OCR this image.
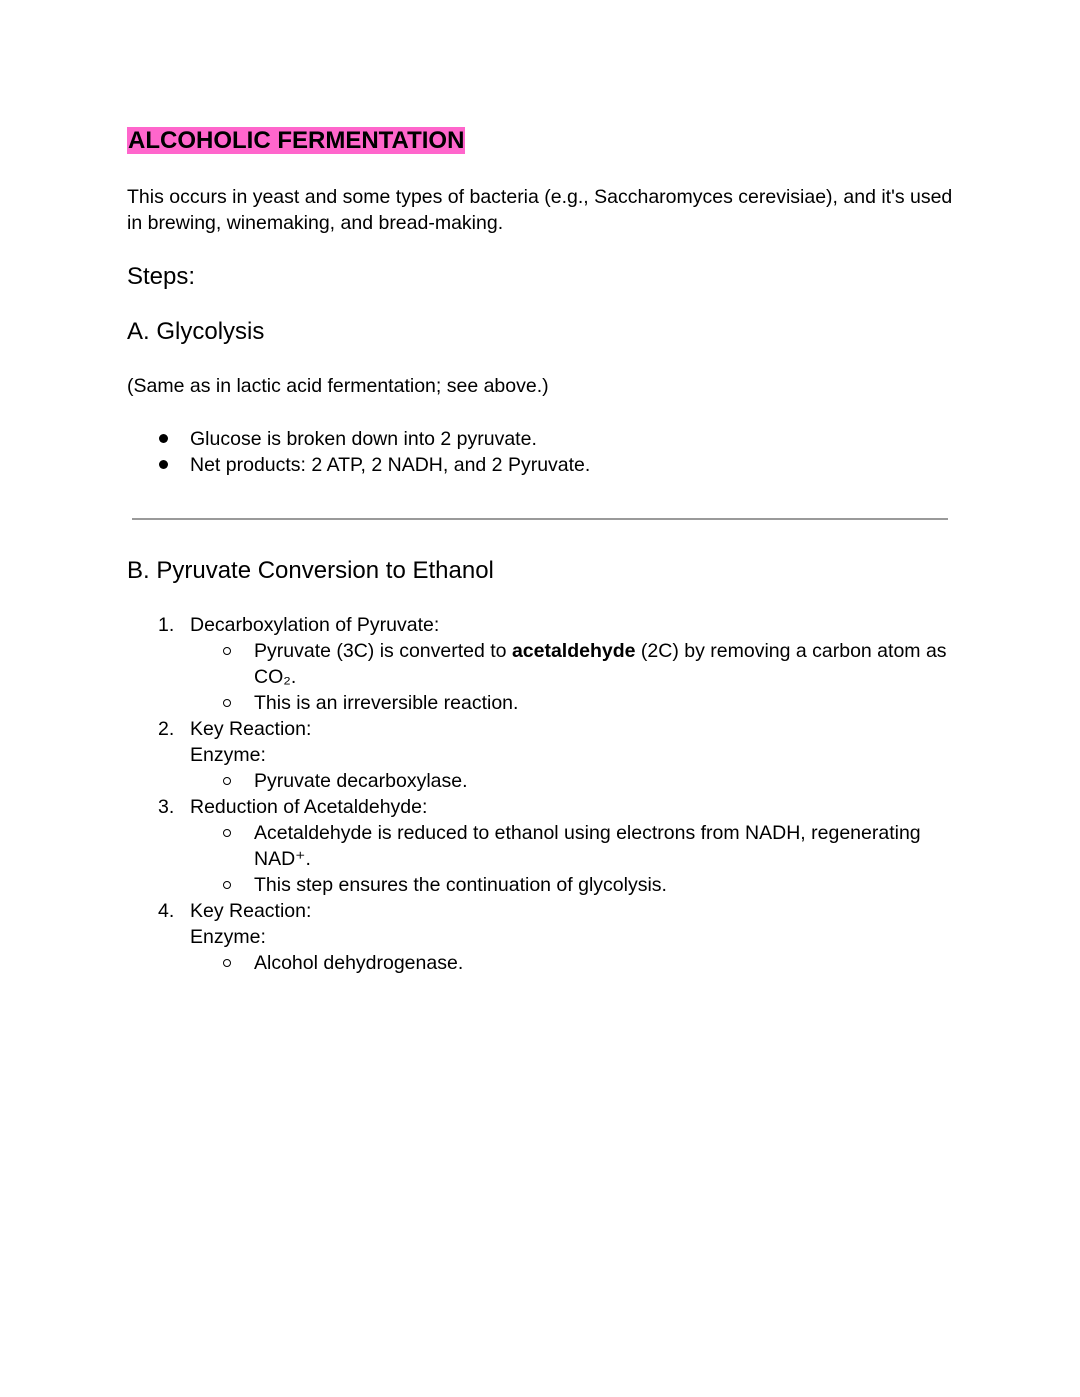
ALCOHOLIC FERMENTATION
This occurs in yeast and some types of bacteria (e.g., Saccharomyces cerevisiae), and it's used in brewing, winemaking, and bread-making.
Steps:
A. Glycolysis
(Same as in lactic acid fermentation; see above.)
Glucose is broken down into 2 pyruvate.
Net products: 2 ATP, 2 NADH, and 2 Pyruvate.
B. Pyruvate Conversion to Ethanol
1. Decarboxylation of Pyruvate:
Pyruvate (3C) is converted to acetaldehyde (2C) by removing a carbon atom as
CO₂.
This is an irreversible reaction.
2. Key Reaction:
Enzyme:
Pyruvate decarboxylase.
3. Reduction of Acetaldehyde:
Acetaldehyde is reduced to ethanol using electrons from NADH, regenerating
NAD⁺.
This step ensures the continuation of glycolysis.
4. Key Reaction:
Enzyme:
Alcohol dehydrogenase.
